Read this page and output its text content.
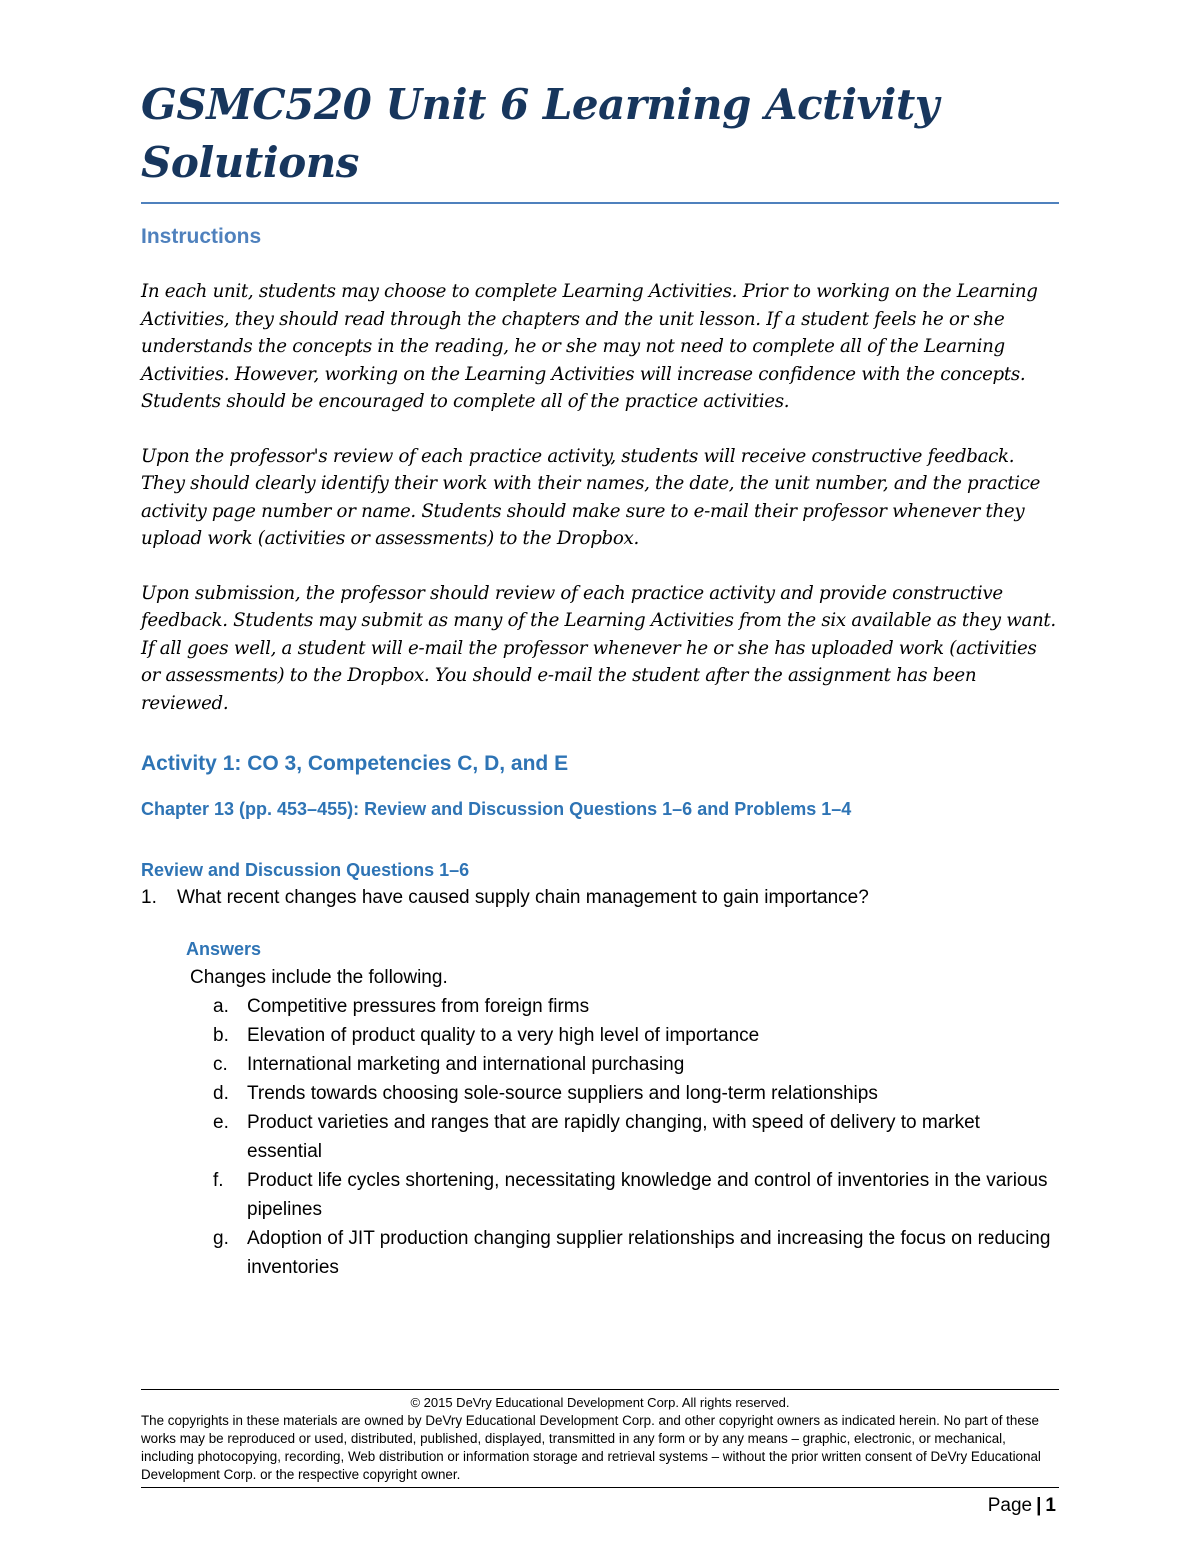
GSMC520 Unit 6 Learning Activity Solutions
Instructions

In each unit, students may choose to complete Learning Activities. Prior to working on the Learning Activities, they should read through the chapters and the unit lesson. If a student feels he or she understands the concepts in the reading, he or she may not need to complete all of the Learning Activities. However, working on the Learning Activities will increase confidence with the concepts. Students should be encouraged to complete all of the practice activities.

Upon the professor's review of each practice activity, students will receive constructive feedback. They should clearly identify their work with their names, the date, the unit number, and the practice activity page number or name. Students should make sure to e-mail their professor whenever they upload work (activities or assessments) to the Dropbox.

Upon submission, the professor should review of each practice activity and provide constructive feedback. Students may submit as many of the Learning Activities from the six available as they want. If all goes well, a student will e-mail the professor whenever he or she has uploaded work (activities or assessments) to the Dropbox. You should e-mail the student after the assignment has been reviewed.

Activity 1: CO 3, Competencies C, D, and E
Chapter 13 (pp. 453–455): Review and Discussion Questions 1–6 and Problems 1–4
Review and Discussion Questions 1–6
1.	What recent changes have caused supply chain management to gain importance?
Answers
Changes include the following.
a. Competitive pressures from foreign firms
b. Elevation of product quality to a very high level of importance
c.	International marketing and international purchasing
d. Trends towards choosing sole-source suppliers and long-term relationships
e. Product varieties and ranges that are rapidly changing, with speed of delivery to market essential
f.	Product life cycles shortening, necessitating knowledge and control of inventories in the various pipelines
g. Adoption of JIT production changing supplier relationships and increasing the focus on reducing inventories

© 2015 DeVry Educational Development Corp. All rights reserved.

The copyrights in these materials are owned by DeVry Educational Development Corp. and other copyright owners as indicated herein. No part of these works may be reproduced or used, distributed, published, displayed, transmitted in any form or by any means – graphic, electronic, or mechanical, including photocopying, recording, Web distribution or information storage and retrieval systems – without the prior written consent of DeVry Educational Development Corp. or the respective copyright owner.

Page | 1
